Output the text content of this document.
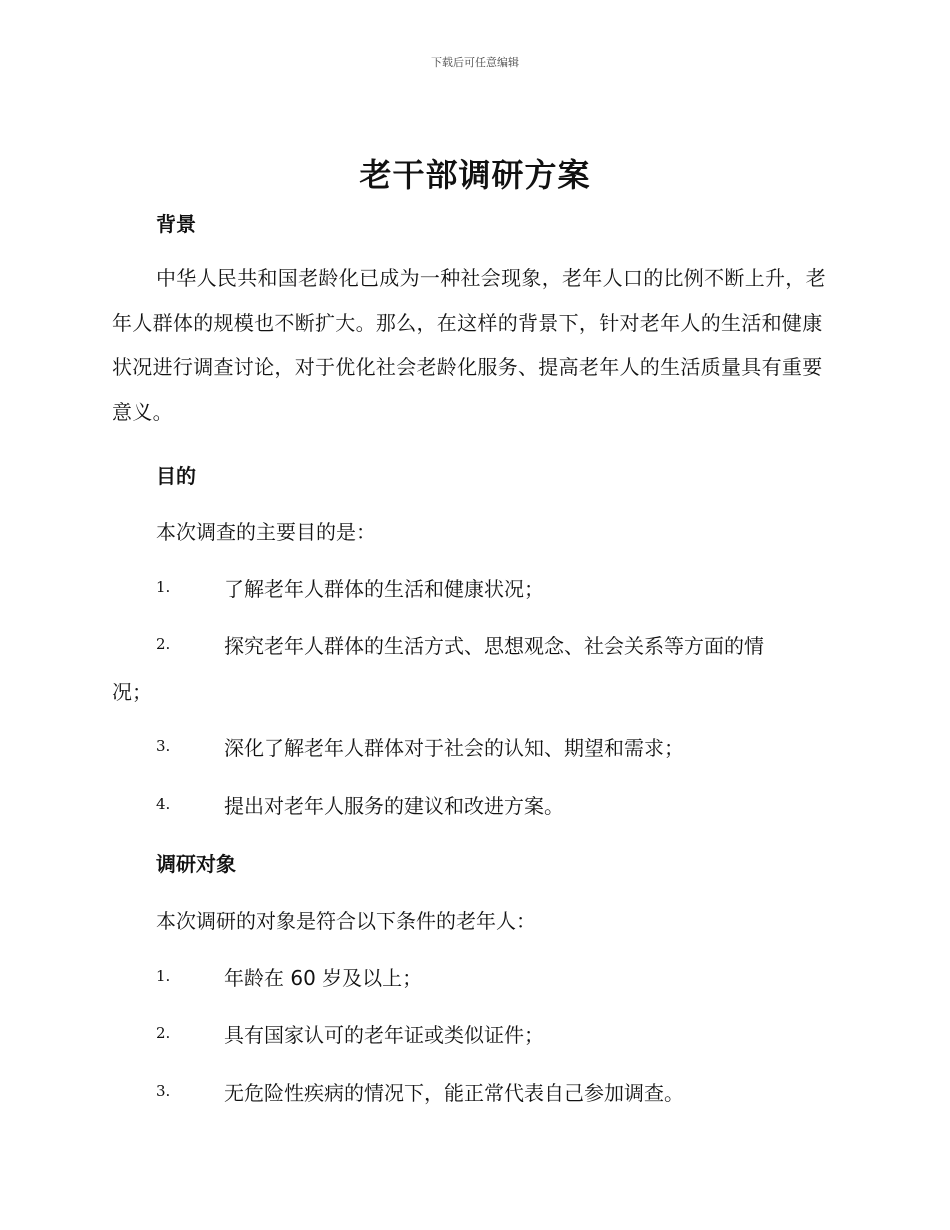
下载后可任意编辑
老干部调研方案
背景
中华人民共和国老龄化已成为一种社会现象，老年人口的比例不断上升，老年人群体的规模也不断扩大。那么，在这样的背景下，针对老年人的生活和健康状况进行调查讨论，对于优化社会老龄化服务、提高老年人的生活质量具有重要意义。
目的
本次调查的主要目的是：
1.	了解老年人群体的生活和健康状况；
2.	探究老年人群体的生活方式、思想观念、社会关系等方面的情
况；
3.	深化了解老年人群体对于社会的认知、期望和需求；
4.	提出对老年人服务的建议和改进方案。
调研对象
本次调研的对象是符合以下条件的老年人：
1.	年龄在 60 岁及以上；
2.	具有国家认可的老年证或类似证件；
3.	无危险性疾病的情况下，能正常代表自己参加调查。
